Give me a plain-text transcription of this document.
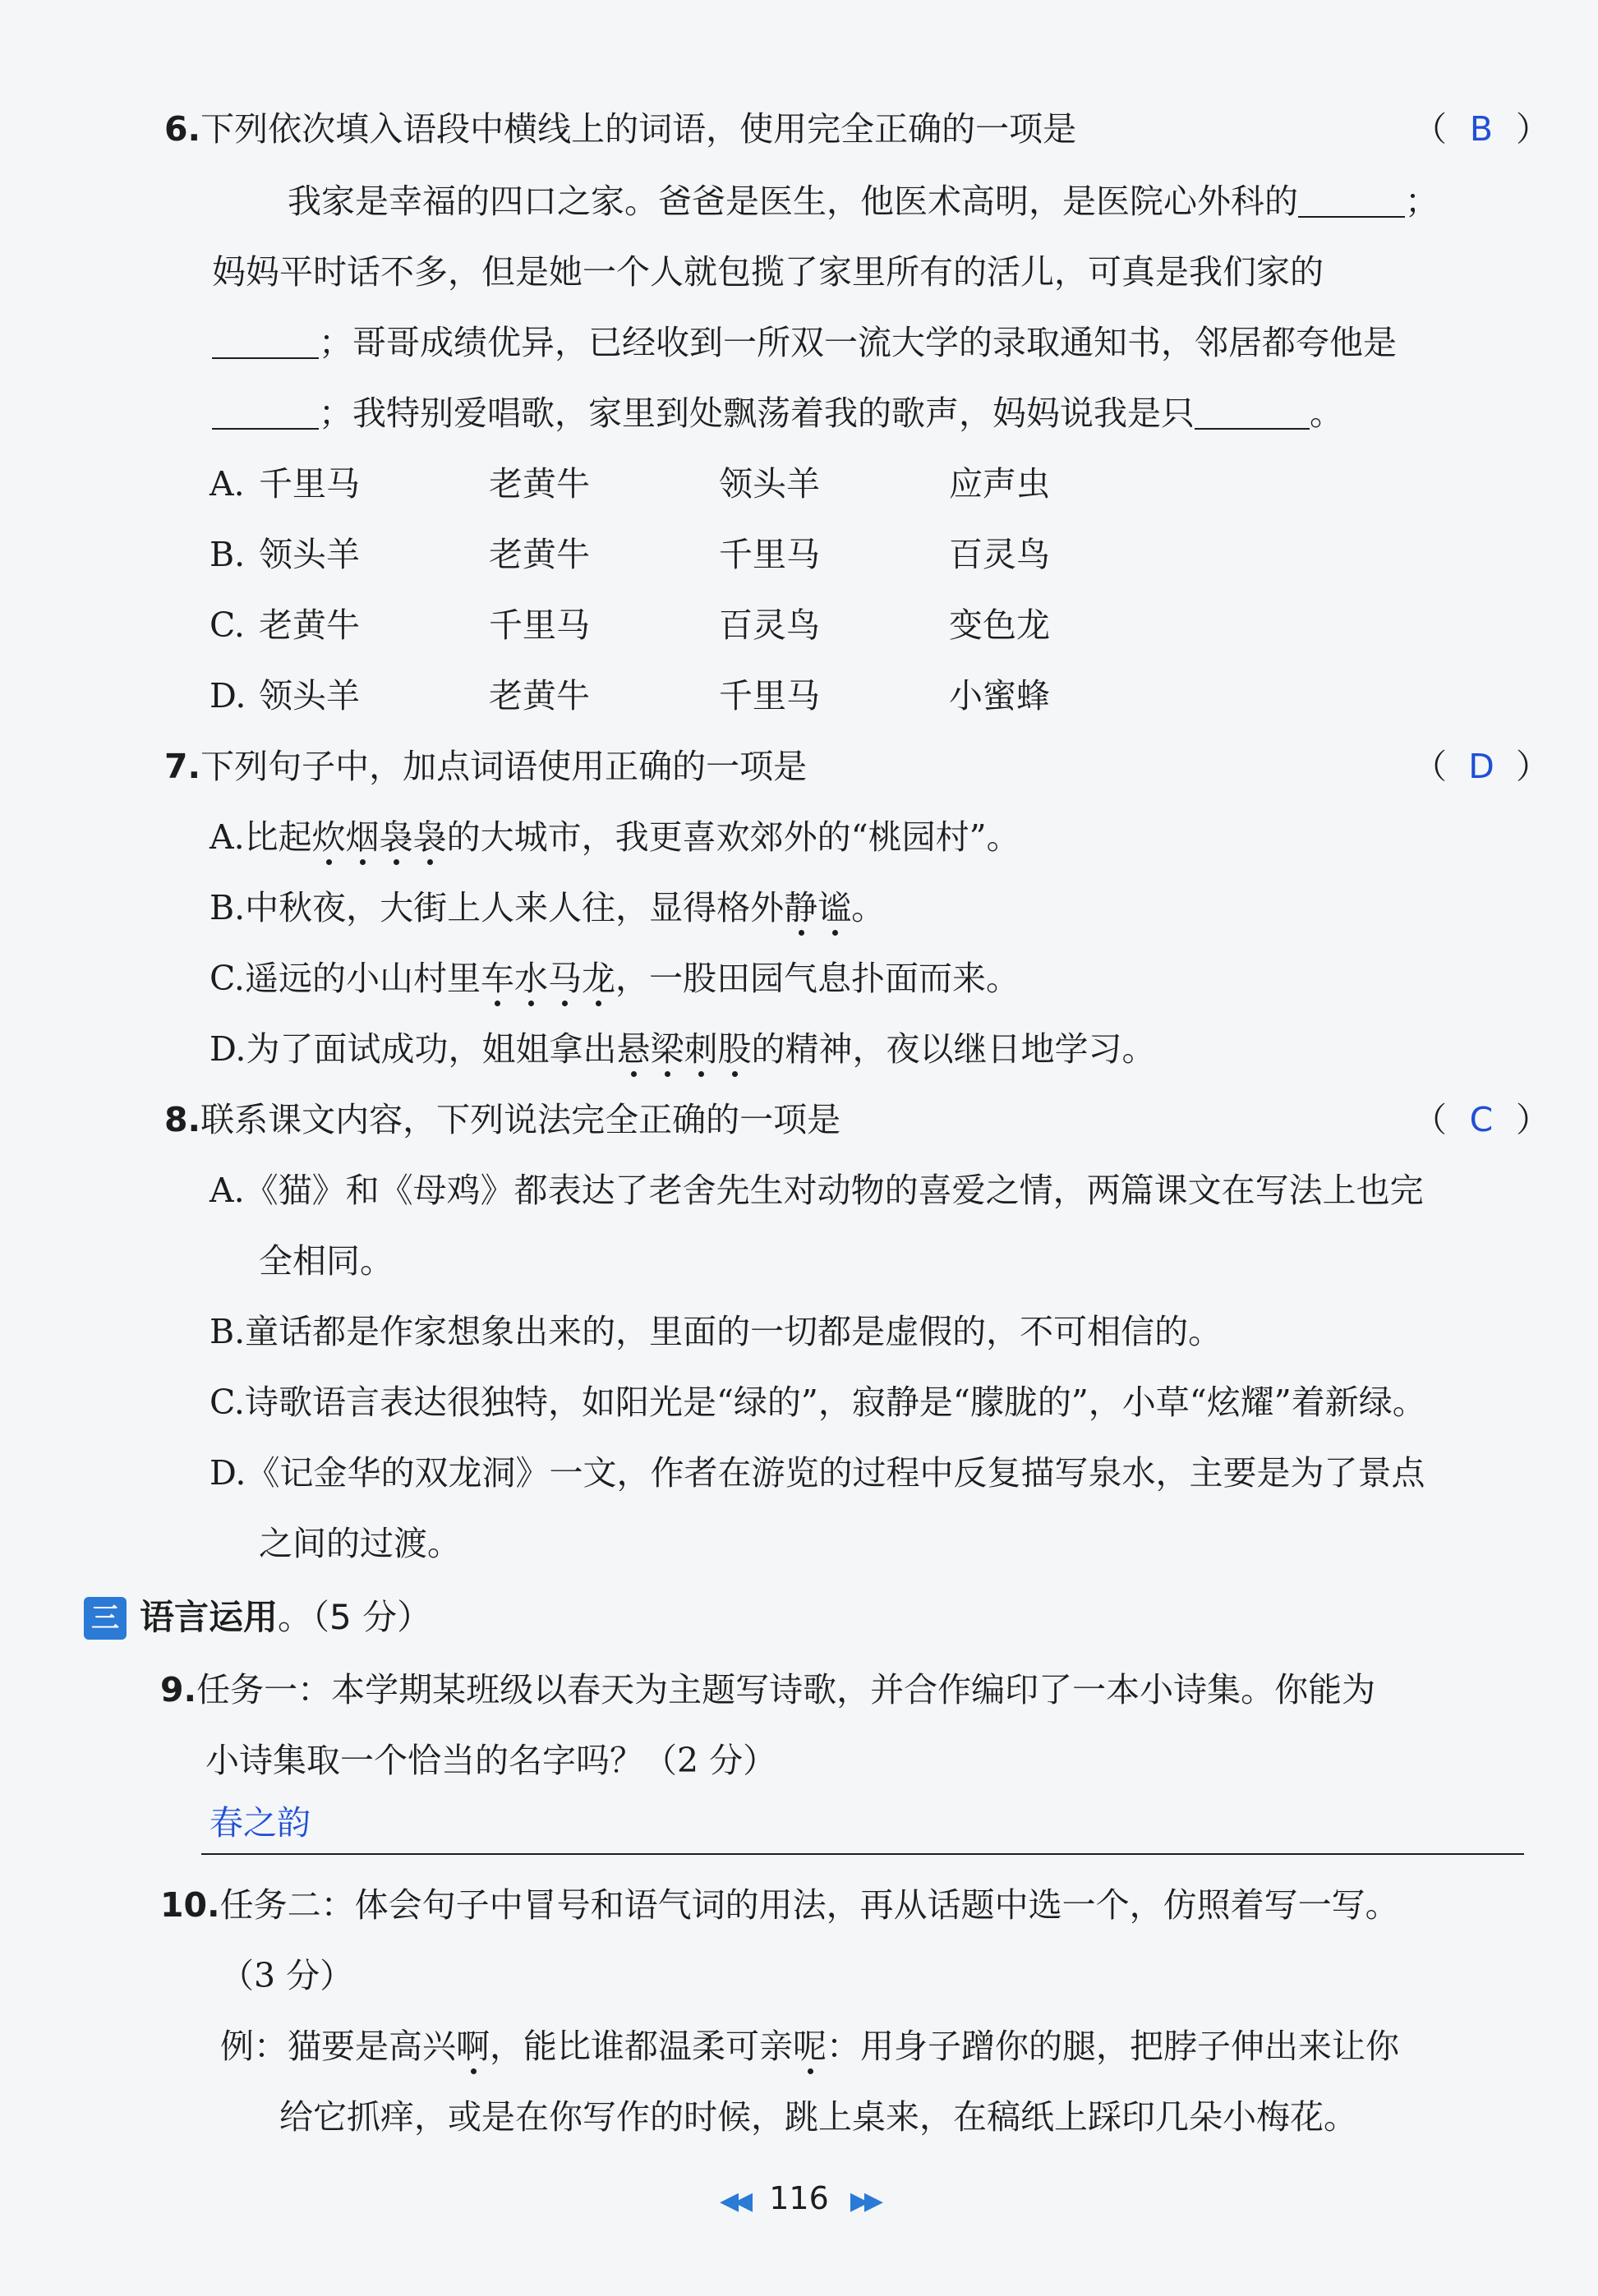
6.下列依次填入语段中横线上的词语，使用完全正确的一项是	（ B ）
我家是幸福的四口之家。爸爸是医生，他医术高明，是医院心外科的	；
妈妈平时话不多，但是她一个人就包揽了家里所有的活儿，可真是我们家的
；哥哥成绩优异，已经收到一所双一流大学的录取通知书，邻居都夸他是
；我特别爱唱歌，家里到处飘荡着我的歌声，妈妈说我是只	。
A. 千里马	老黄牛	领头羊	应声虫
B. 领头羊	老黄牛	千里马	百灵鸟
C. 老黄牛	千里马	百灵鸟	变色龙
D. 领头羊	老黄牛	千里马	小蜜蜂
7.下列句子中，加点词语使用正确的一项是	（ D ）
A.比起炊烟袅袅的大城市，我更喜欢郊外的“桃园村”。
B.中秋夜，大街上人来人往，显得格外静谧。
C.遥远的小山村里车水马龙，一股田园气息扑面而来。
D.为了面试成功，姐姐拿出悬梁刺股的精神，夜以继日地学习。
8.联系课文内容，下列说法完全正确的一项是	（ C ）
A.《猫》和《母鸡》都表达了老舍先生对动物的喜爱之情，两篇课文在写法上也完
全相同。
B.童话都是作家想象出来的，里面的一切都是虚假的，不可相信的。
C.诗歌语言表达很独特，如阳光是“绿的”，寂静是“朦胧的”，小草“炫耀”着新绿。
D.《记金华的双龙洞》一文，作者在游览的过程中反复描写泉水，主要是为了景点
之间的过渡。
三 语言运用。（5 分）
9.任务一：本学期某班级以春天为主题写诗歌，并合作编印了一本小诗集。你能为
小诗集取一个恰当的名字吗？（2 分）
春之韵
10.任务二：体会句子中冒号和语气词的用法，再从话题中选一个，仿照着写一写。
（3 分）
例：猫要是高兴啊，能比谁都温柔可亲呢：用身子蹭你的腿，把脖子伸出来让你
给它抓痒，或是在你写作的时候，跳上桌来，在稿纸上踩印几朵小梅花。
◀◀ 116 ▶▶
